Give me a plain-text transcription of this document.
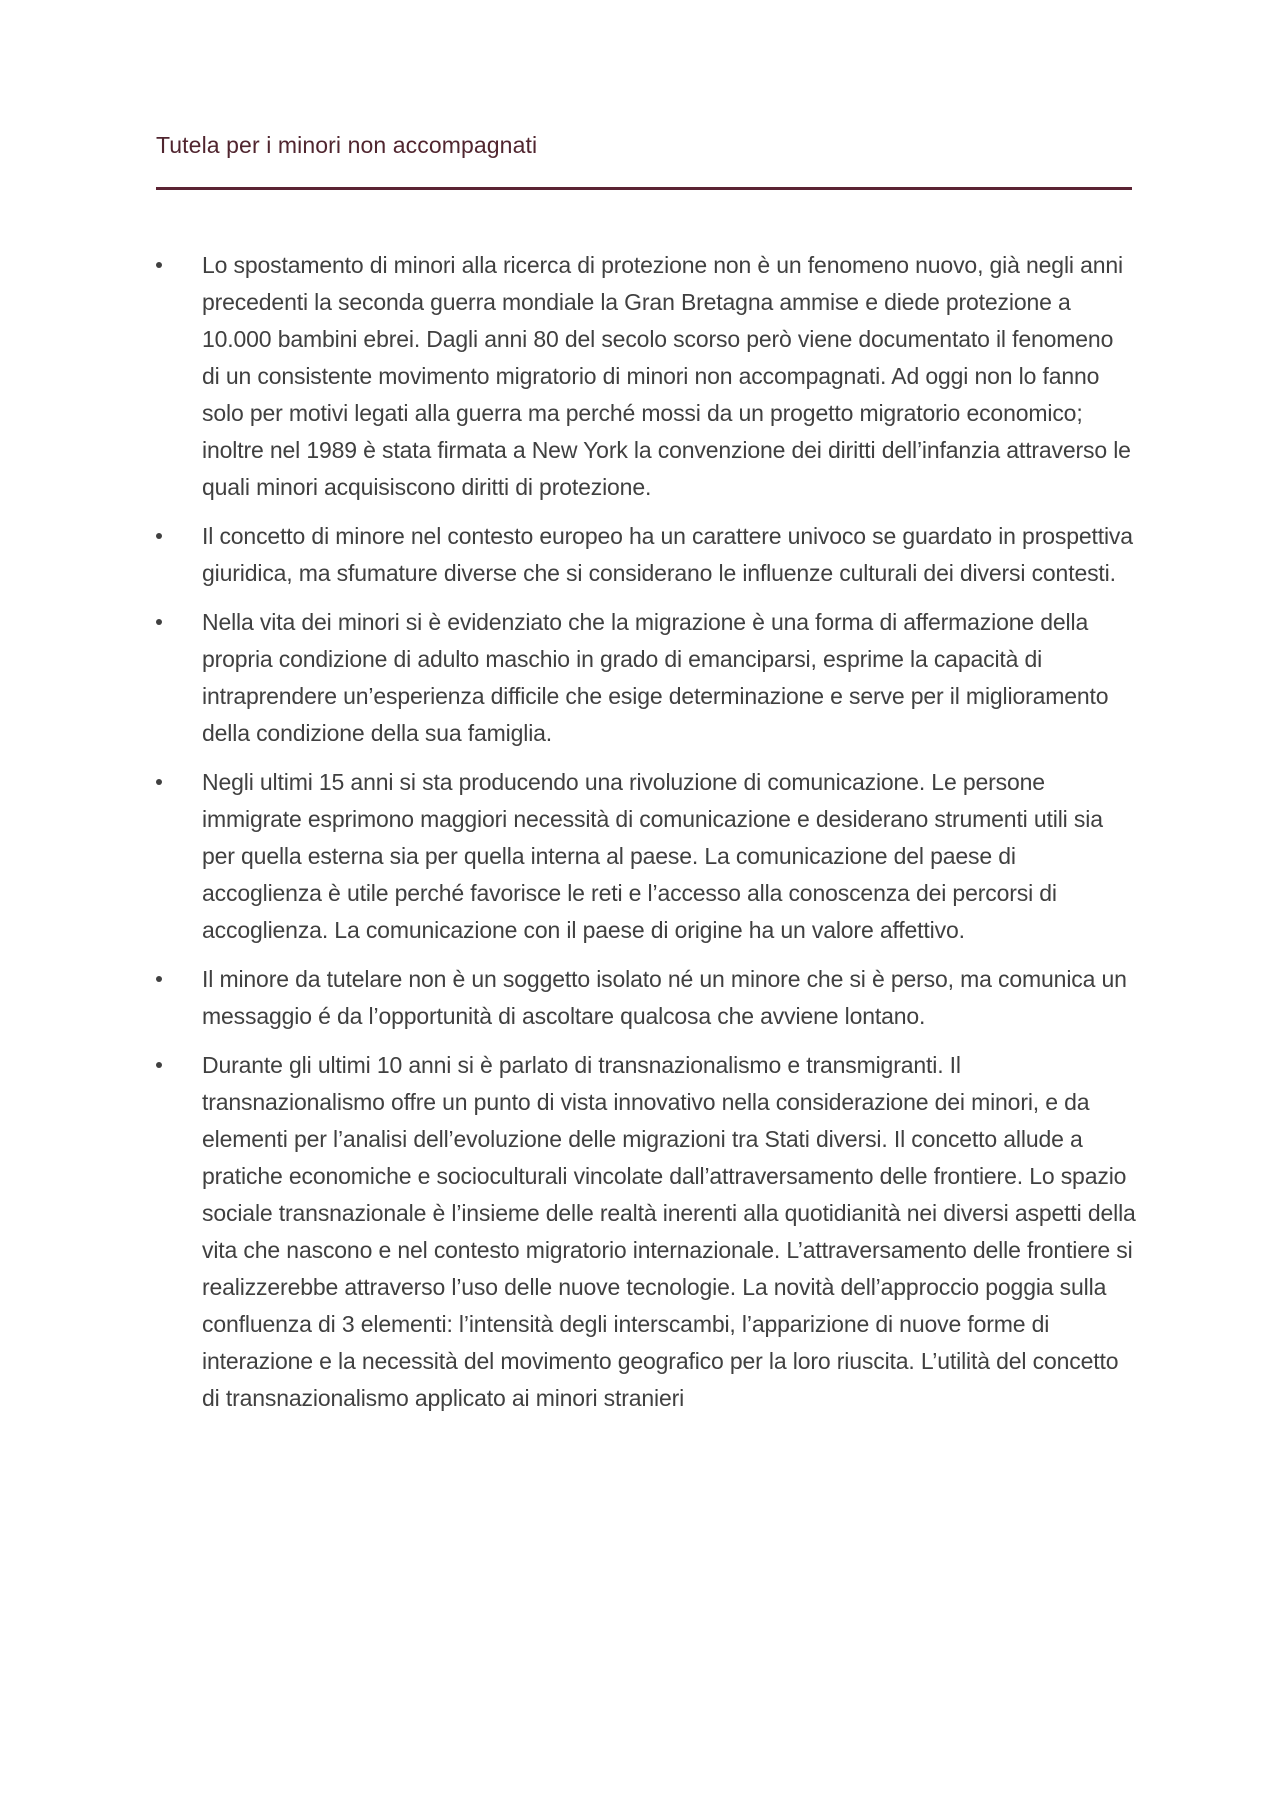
Tutela per i minori non accompagnati
Lo spostamento di minori alla ricerca di protezione non è un fenomeno nuovo, già negli anni precedenti la seconda guerra mondiale la Gran Bretagna ammise e diede protezione a 10.000 bambini ebrei. Dagli anni 80 del secolo scorso però viene documentato il fenomeno di un consistente movimento migratorio di minori non accompagnati. Ad oggi non lo fanno solo per motivi legati alla guerra ma perché mossi da un progetto migratorio economico; inoltre nel 1989 è stata firmata a New York la convenzione dei diritti dell’infanzia attraverso le quali minori acquisiscono diritti di protezione.
Il concetto di minore nel contesto europeo ha un carattere univoco se guardato in prospettiva giuridica, ma sfumature diverse che si considerano le influenze culturali dei diversi contesti.
Nella vita dei minori si è evidenziato che la migrazione è una forma di affermazione della propria condizione di adulto maschio in grado di emanciparsi, esprime la capacità di intraprendere un’esperienza difficile che esige determinazione e serve per il miglioramento della condizione della sua famiglia.
Negli ultimi 15 anni si sta producendo una rivoluzione di comunicazione. Le persone immigrate esprimono maggiori necessità di comunicazione e desiderano strumenti utili sia per quella esterna sia per quella interna al paese. La comunicazione del paese di accoglienza è utile perché favorisce le reti e l’accesso alla conoscenza dei percorsi di accoglienza. La comunicazione con il paese di origine ha un valore affettivo.
Il minore da tutelare non è un soggetto isolato né un minore che si è perso, ma comunica un messaggio é da l’opportunità di ascoltare qualcosa che avviene lontano.
Durante gli ultimi 10 anni si è parlato di transnazionalismo e transmigranti. Il transnazionalismo offre un punto di vista innovativo nella considerazione dei minori, e da elementi per l’analisi dell’evoluzione delle migrazioni tra Stati diversi. Il concetto allude a pratiche economiche e socioculturali vincolate dall’attraversamento delle frontiere. Lo spazio sociale transnazionale è l’insieme delle realtà inerenti alla quotidianità nei diversi aspetti della vita che nascono e nel contesto migratorio internazionale. L’attraversamento delle frontiere si realizzerebbe attraverso l’uso delle nuove tecnologie. La novità dell’approccio poggia sulla confluenza di 3 elementi: l’intensità degli interscambi, l’apparizione di nuove forme di interazione e la necessità del movimento geografico per la loro riuscita. L’utilità del concetto di transnazionalismo applicato ai minori stranieri
